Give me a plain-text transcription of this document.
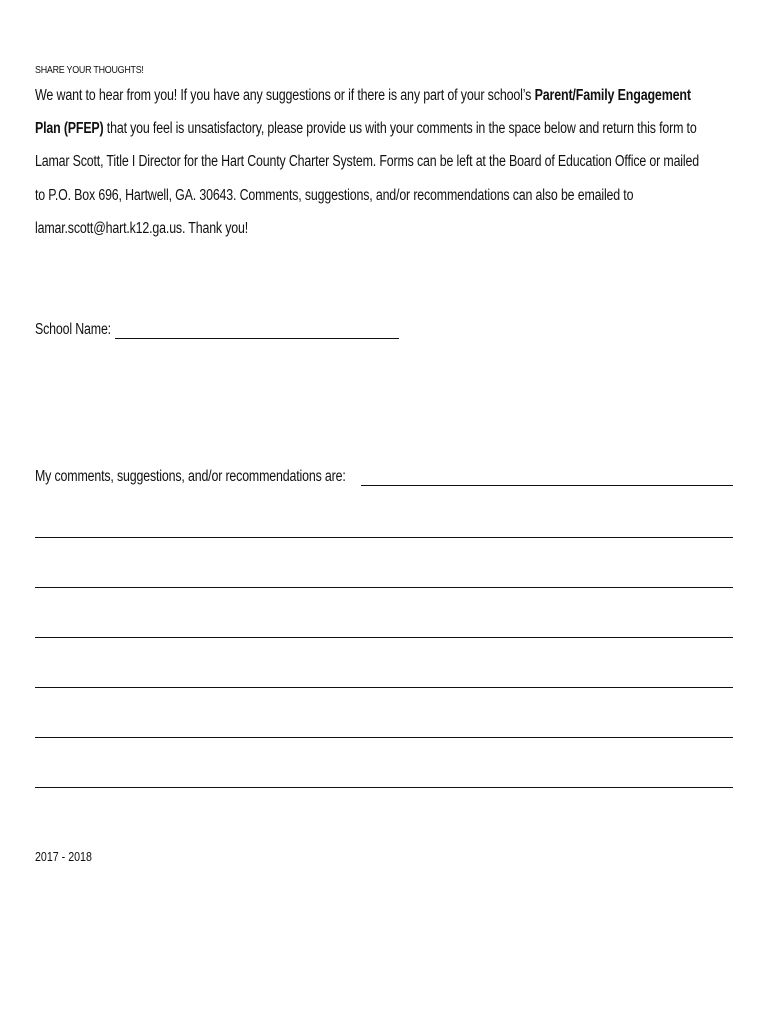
SHARE YOUR THOUGHTS!
We want to hear from you! If you have any suggestions or if there is any part of your school’s Parent/Family Engagement
Plan (PFEP) that you feel is unsatisfactory, please provide us with your comments in the space below and return this form to
Lamar Scott, Title I Director for the Hart County Charter System. Forms can be left at the Board of Education Office or mailed
to P.O. Box 696, Hartwell, GA. 30643. Comments, suggestions, and/or recommendations can also be emailed to
lamar.scott@hart.k12.ga.us. Thank you!
School Name:
My comments, suggestions, and/or recommendations are:
2017 - 2018
